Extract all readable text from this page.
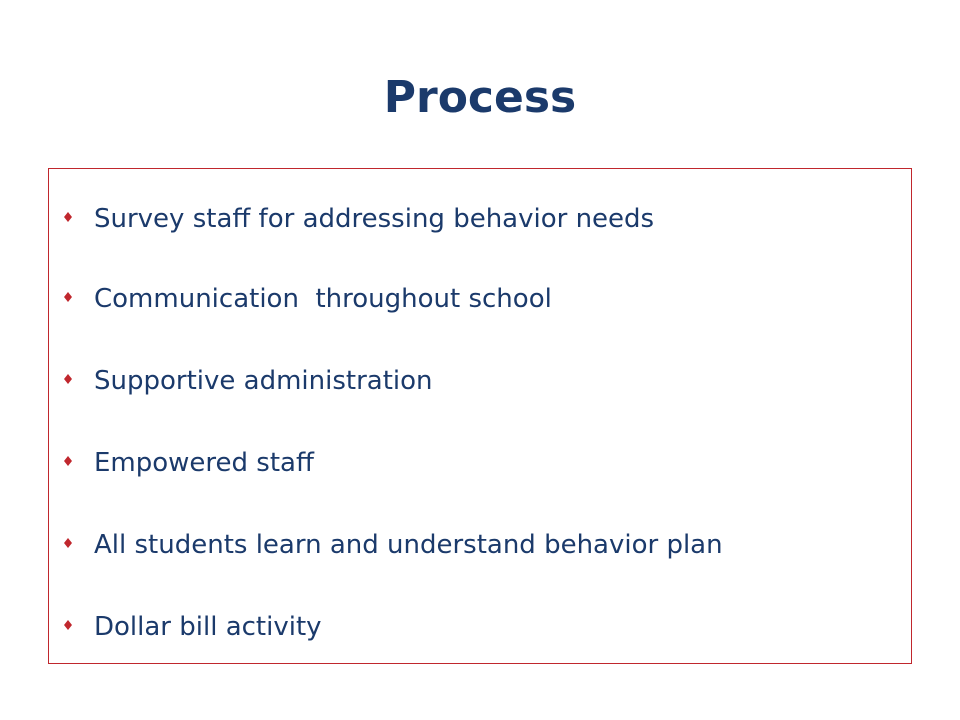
Process
Survey staff for addressing behavior needs
Communication  throughout school
Supportive administration
Empowered staff
All students learn and understand behavior plan
Dollar bill activity
